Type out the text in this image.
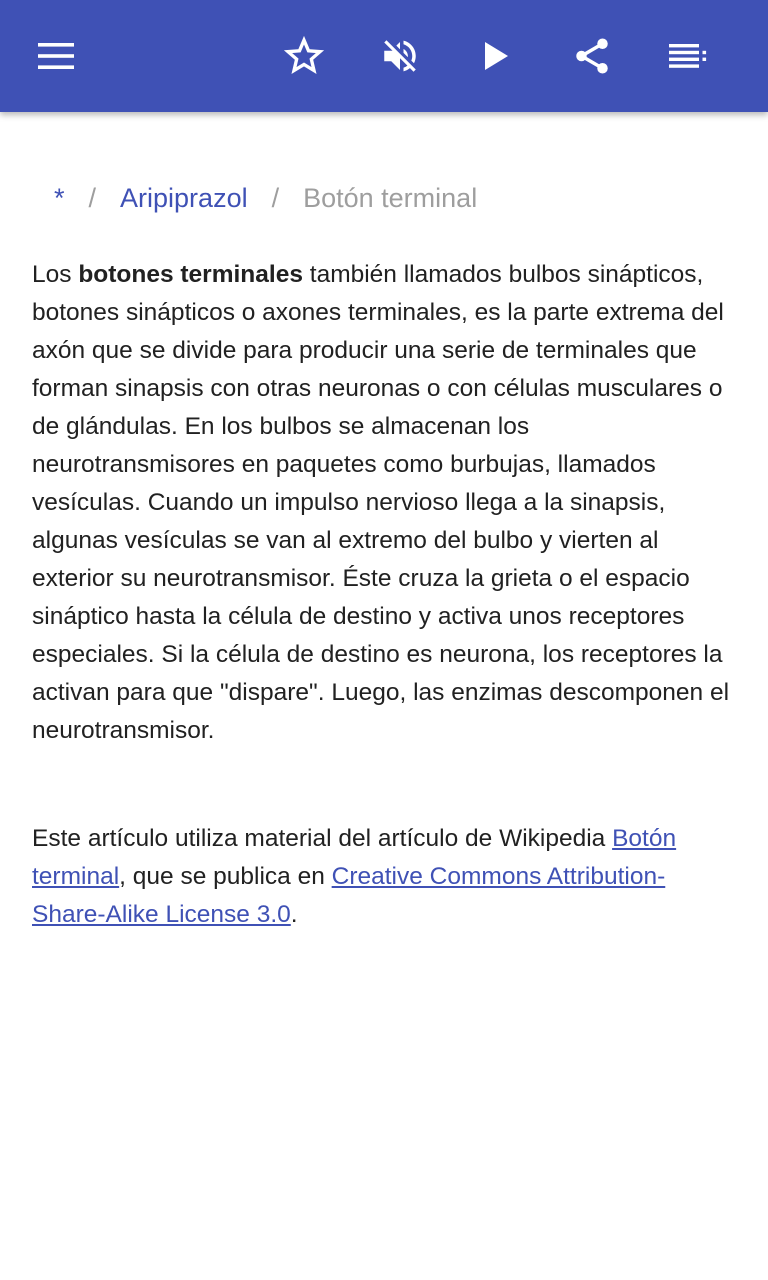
* / Aripiprazol / Botón terminal

Los botones terminales también llamados bulbos sinápticos, botones sinápticos o axones terminales, es la parte extrema del axón que se divide para producir una serie de terminales que forman sinapsis con otras neuronas o con células musculares o de glándulas. En los bulbos se almacenan los neurotransmisores en paquetes como burbujas, llamados vesículas. Cuando un impulso nervioso llega a la sinapsis, algunas vesículas se van al extremo del bulbo y vierten al exterior su neurotransmisor. Éste cruza la grieta o el espacio sináptico hasta la célula de destino y activa unos receptores especiales. Si la célula de destino es neurona, los receptores la activan para que "dispare". Luego, las enzimas descomponen el neurotransmisor.

Este artículo utiliza material del artículo de Wikipedia Botón terminal, que se publica en Creative Commons Attribution-Share-Alike License 3.0.
